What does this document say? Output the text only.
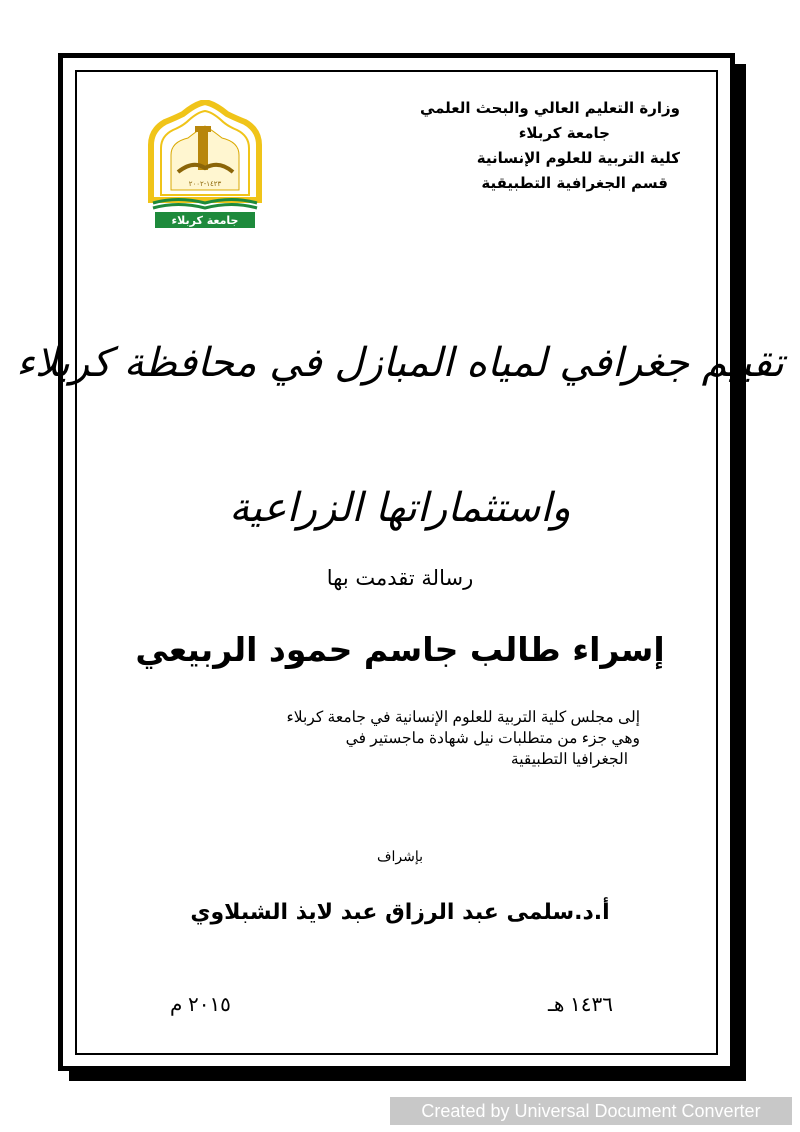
وزارة التعليم العالي والبحث العلمي
جامعة كربلاء
كلية التربية للعلوم الإنسانية
قسم الجغرافية التطبيقية
١٤٢٣-٢٠٠٢
جامعة كربلاء
تقييم جغرافي لمياه المبازل في محافظة كربلاء
واستثماراتها الزراعية
رسالة تقدمت بها
إسراء طالب جاسم حمود الربيعي
إلى مجلس كلية التربية للعلوم الإنسانية في جامعة كربلاء
وهي جزء من متطلبات نيل شهادة ماجستير في
الجغرافيا التطبيقية
بإشراف
أ.د.سلمى عبد الرزاق عبد لايذ الشبلاوي
١٤٣٦ هـ
٢٠١٥ م
Created by Universal Document Converter
